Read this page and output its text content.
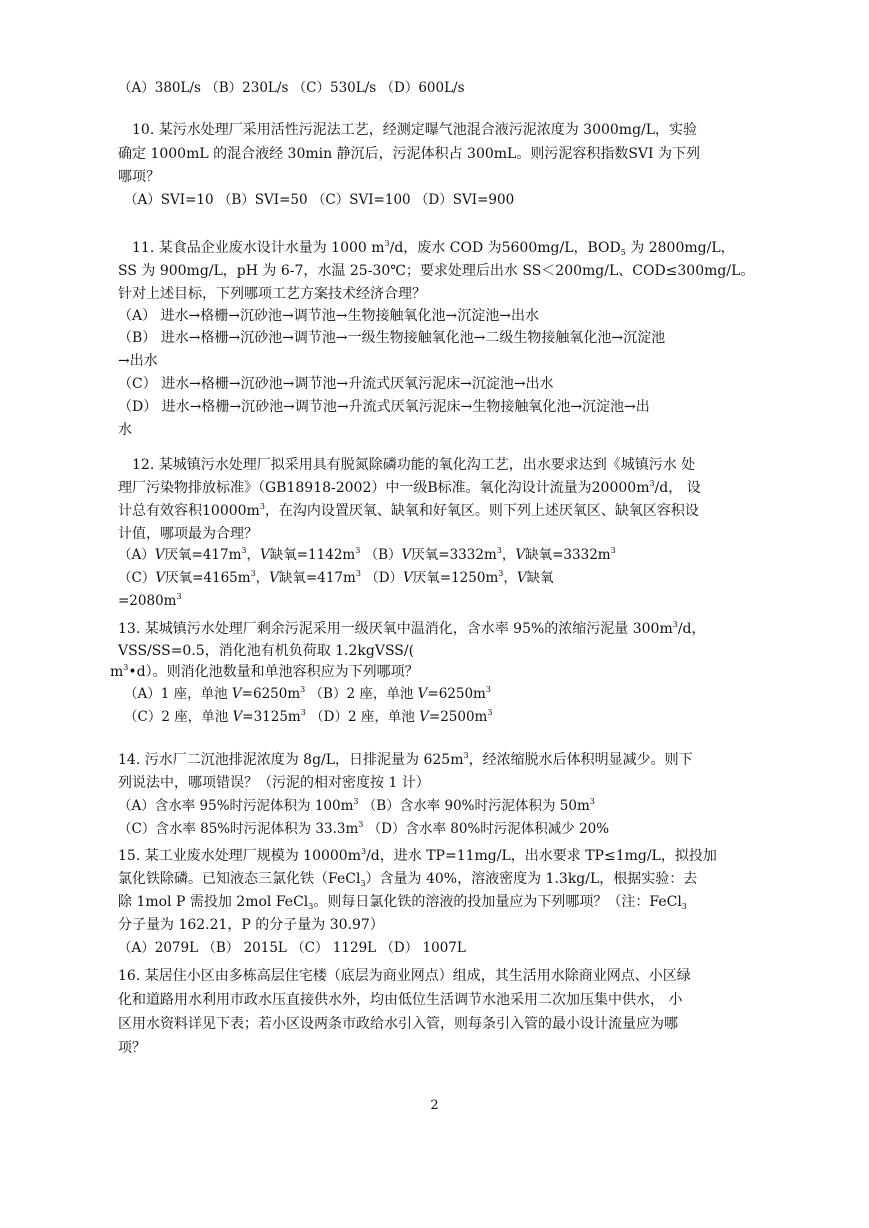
（A）380L/s （B）230L/s （C）530L/s （D）600L/s
10. 某污水处理厂采用活性污泥法工艺，经测定曝气池混合液污泥浓度为 3000mg/L，实验
确定 1000mL 的混合液经 30min 静沉后，污泥体积占 300mL。则污泥容积指数SVI 为下列
哪项？
（A）SVI=10 （B）SVI=50 （C）SVI=100 （D）SVI=900
11. 某食品企业废水设计水量为 1000 $m^3/d$，废水 COD 为5600mg/L，$BOD_5$ 为 2800mg/L，
SS 为 900mg/L，pH 为 6-7，水温 25-30℃；要求处理后出水 SS＜200mg/L、COD≤300mg/L。
针对上述目标，下列哪项工艺方案技术经济合理？
（A） 进水→格栅→沉砂池→调节池→生物接触氧化池→沉淀池→出水
（B） 进水→格栅→沉砂池→调节池→一级生物接触氧化池→二级生物接触氧化池→沉淀池
→出水
（C） 进水→格栅→沉砂池→调节池→升流式厌氧污泥床→沉淀池→出水
（D） 进水→格栅→沉砂池→调节池→升流式厌氧污泥床→生物接触氧化池→沉淀池→出
水
12. 某城镇污水处理厂拟采用具有脱氮除磷功能的氧化沟工艺，出水要求达到《城镇污水 处
理厂污染物排放标准》（GB18918-2002）中一级B标准。氧化沟设计流量为$20000m^3/d$， 设
计总有效容积$10000m^3$，在沟内设置厌氧、缺氧和好氧区。则下列上述厌氧区、缺氧区容积设
计值，哪项最为合理？
（A）V厌氧$=417m^3$，V缺氧$=1142m^3$ （B）V厌氧$=3332m^3$，V缺氧$=3332m^3$
（C）V厌氧$=4165m^3$，V缺氧$=417m^3$ （D）V厌氧$=1250m^3$，V缺氧
$=2080m^3$
13. 某城镇污水处理厂剩余污泥采用一级厌氧中温消化，含水率 95%的浓缩污泥量 $300m^3/d$，
VSS/SS=0.5，消化池有机负荷取 1.2kgVSS/(
$m^3•d$）。则消化池数量和单池容积应为下列哪项？
（A）1 座，单池 $V=6250m^3$ （B）2 座，单池 $V=6250m^3$
（C）2 座，单池 $V=3125m^3$ （D）2 座，单池 $V=2500m^3$
14. 污水厂二沉池排泥浓度为 8g/L，日排泥量为 $625m^3$，经浓缩脱水后体积明显减少。则下
列说法中，哪项错误？（污泥的相对密度按 1 计）
（A）含水率 95%时污泥体积为 $100m^3$ （B）含水率 90%时污泥体积为 $50m^3$
（C）含水率 85%时污泥体积为 $33.3m^3$ （D）含水率 80%时污泥体积减少 20%
15. 某工业废水处理厂规模为 $10000m^3/d$，进水 TP=11mg/L，出水要求 TP≤1mg/L，拟投加
氯化铁除磷。已知液态三氯化铁（FeCl$_3$）含量为 40%，溶液密度为 1.3kg/L，根据实验：去
除 1mol P 需投加 2mol FeCl$_3$。则每日氯化铁的溶液的投加量应为下列哪项？（注：FeCl$_3$
分子量为 162.21，P 的分子量为 30.97）
（A）2079L （B） 2015L （C） 1129L （D） 1007L
16. 某居住小区由多栋高层住宅楼（底层为商业网点）组成，其生活用水除商业网点、小区绿
化和道路用水利用市政水压直接供水外，均由低位生活调节水池采用二次加压集中供水， 小
区用水资料详见下表；若小区设两条市政给水引入管，则每条引入管的最小设计流量应为哪
项？
2
